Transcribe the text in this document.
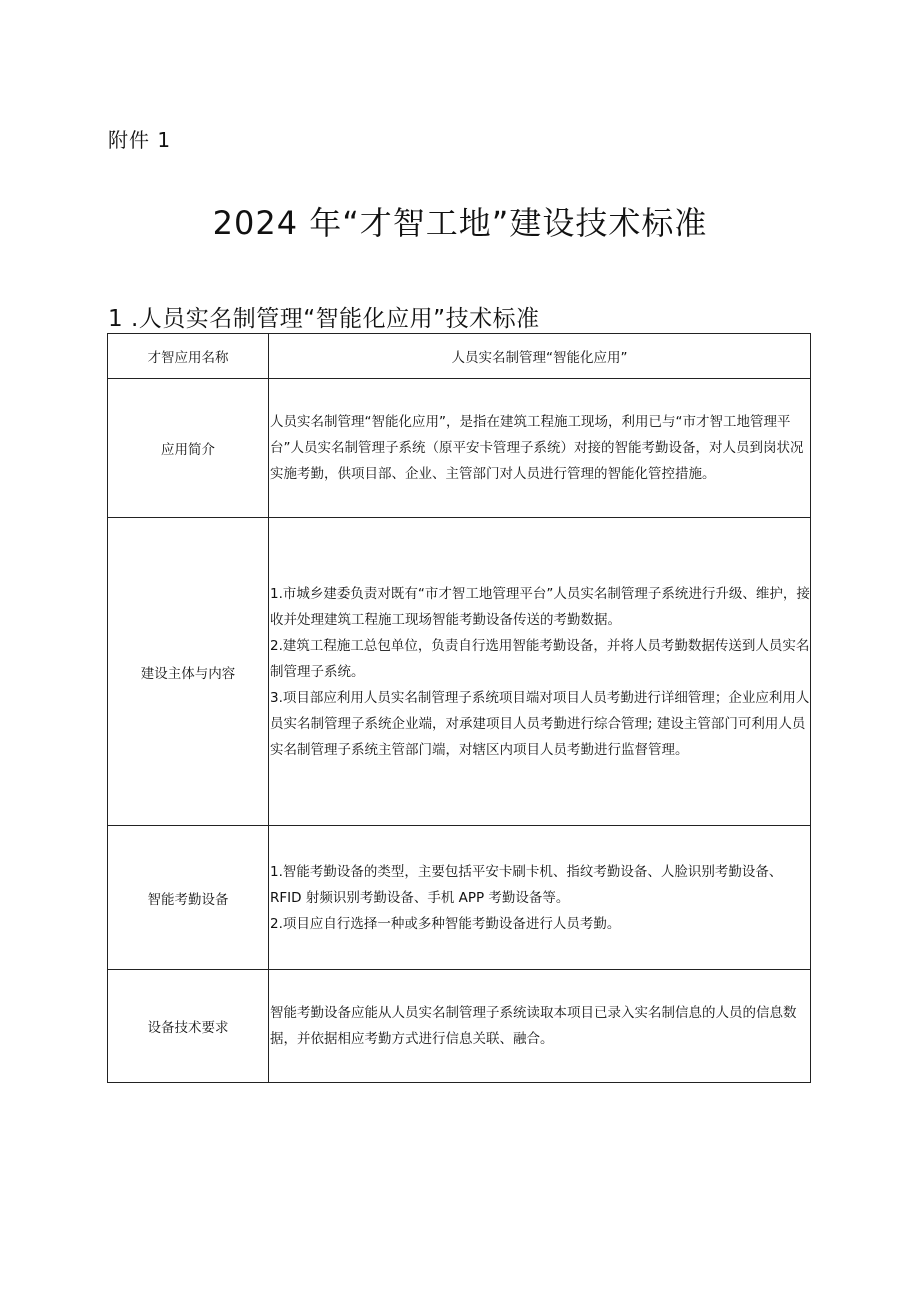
附件 1
2024 年“才智工地”建设技术标准
1 .人员实名制管理“智能化应用”技术标准
才智应用名称	人员实名制管理“智能化应用”
应用简介	人员实名制管理“智能化应用”，是指在建筑工程施工现场，利用已与“市才智工地管理平台”人员实名制管理子系统（原平安卡管理子系统）对接的智能考勤设备，对人员到岗状况实施考勤，供项目部、企业、主管部门对人员进行管理的智能化管控措施。

建设主体与内容	1.市城乡建委负责对既有“市才智工地管理平台”人员实名制管理子系统进行升级、维护，接收并处理建筑工程施工现场智能考勤设备传送的考勤数据。

2.建筑工程施工总包单位，负责自行选用智能考勤设备，并将人员考勤数据传送到人员实名制管理子系统。

3.项目部应利用人员实名制管理子系统项目端对项目人员考勤进行详细管理；企业应利用人员实名制管理子系统企业端，对承建项目人员考勤进行综合管理; 建设主管部门可利用人员实名制管理子系统主管部门端，对辖区内项目人员考勤进行监督管理。

智能考勤设备	1.智能考勤设备的类型，主要包括平安卡刷卡机、指纹考勤设备、人脸识别考勤设备、RFID 射频识别考勤设备、手机 APP 考勤设备等。

2.项目应自行选择一种或多种智能考勤设备进行人员考勤。

设备技术要求	智能考勤设备应能从人员实名制管理子系统读取本项目已录入实名制信息的人员的信息数据，并依据相应考勤方式进行信息关联、融合。
